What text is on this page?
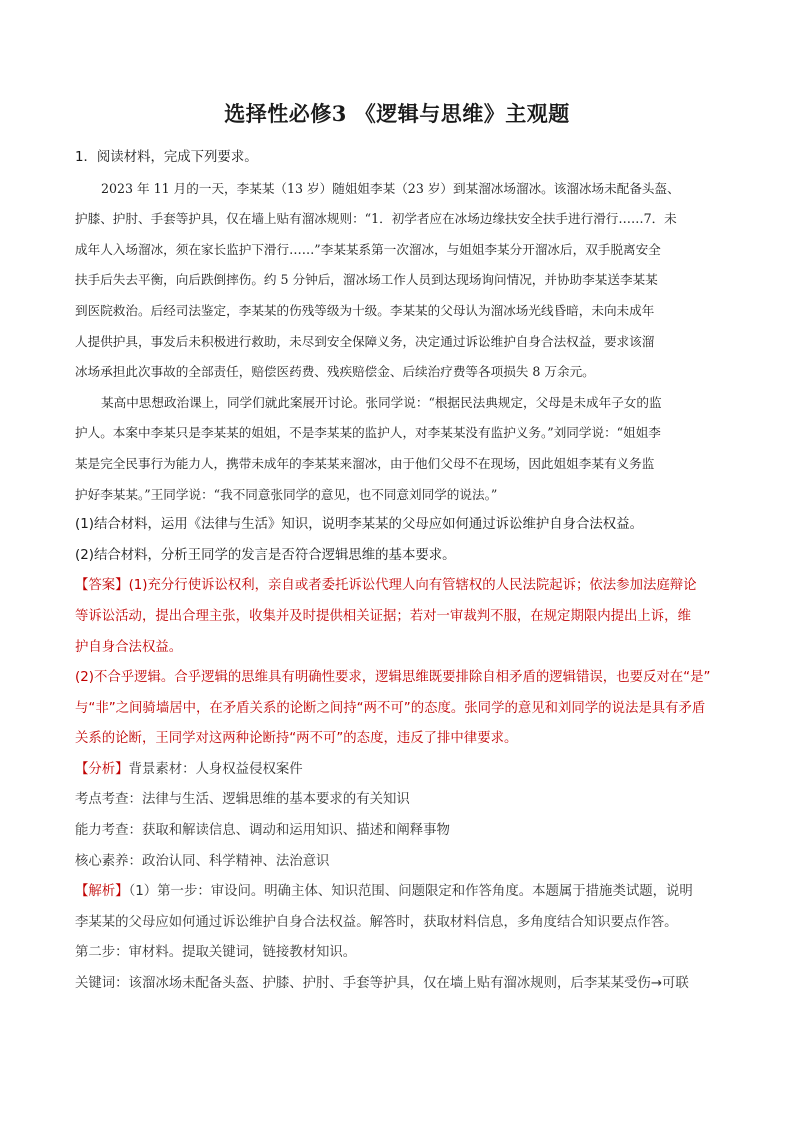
选择性必修3 《逻辑与思维》主观题
1．阅读材料，完成下列要求。
2023 年 11 月的一天，李某某（13 岁）随姐姐李某（23 岁）到某溜冰场溜冰。该溜冰场未配备头盔、
护膝、护肘、手套等护具，仅在墙上贴有溜冰规则：“1．初学者应在冰场边缘扶安全扶手进行滑行……7．未
成年人入场溜冰，须在家长监护下滑行……”李某某系第一次溜冰，与姐姐李某分开溜冰后，双手脱离安全
扶手后失去平衡，向后跌倒摔伤。约 5 分钟后，溜冰场工作人员到达现场询问情况，并协助李某送李某某
到医院救治。后经司法鉴定，李某某的伤残等级为十级。李某某的父母认为溜冰场光线昏暗，未向未成年
人提供护具，事发后未积极进行救助，未尽到安全保障义务，决定通过诉讼维护自身合法权益，要求该溜
冰场承担此次事故的全部责任，赔偿医药费、残疾赔偿金、后续治疗费等各项损失 8 万余元。
某高中思想政治课上，同学们就此案展开讨论。张同学说：“根据民法典规定，父母是未成年子女的监
护人。本案中李某只是李某某的姐姐，不是李某某的监护人，对李某某没有监护义务。”刘同学说：“姐姐李
某是完全民事行为能力人，携带未成年的李某某来溜冰，由于他们父母不在现场，因此姐姐李某有义务监
护好李某某。”王同学说：“我不同意张同学的意见，也不同意刘同学的说法。”
(1)结合材料，运用《法律与生活》知识，说明李某某的父母应如何通过诉讼维护自身合法权益。
(2)结合材料，分析王同学的发言是否符合逻辑思维的基本要求。
【答案】(1)充分行使诉讼权利，亲自或者委托诉讼代理人向有管辖权的人民法院起诉；依法参加法庭辩论
等诉讼活动，提出合理主张，收集并及时提供相关证据；若对一审裁判不服，在规定期限内提出上诉，维
护自身合法权益。
(2)不合乎逻辑。合乎逻辑的思维具有明确性要求，逻辑思维既要排除自相矛盾的逻辑错误，也要反对在“是”
与“非”之间骑墙居中，在矛盾关系的论断之间持“两不可”的态度。张同学的意见和刘同学的说法是具有矛盾
关系的论断，王同学对这两种论断持“两不可”的态度，违反了排中律要求。
【分析】背景素材：人身权益侵权案件
考点考查：法律与生活、逻辑思维的基本要求的有关知识
能力考查：获取和解读信息、调动和运用知识、描述和阐释事物
核心素养：政治认同、科学精神、法治意识
【解析】（1）第一步：审设问。明确主体、知识范围、问题限定和作答角度。本题属于措施类试题，说明
李某某的父母应如何通过诉讼维护自身合法权益。解答时，获取材料信息，多角度结合知识要点作答。
第二步：审材料。提取关键词，链接教材知识。
关键词：该溜冰场未配备头盔、护膝、护肘、手套等护具，仅在墙上贴有溜冰规则，后李某某受伤→可联
